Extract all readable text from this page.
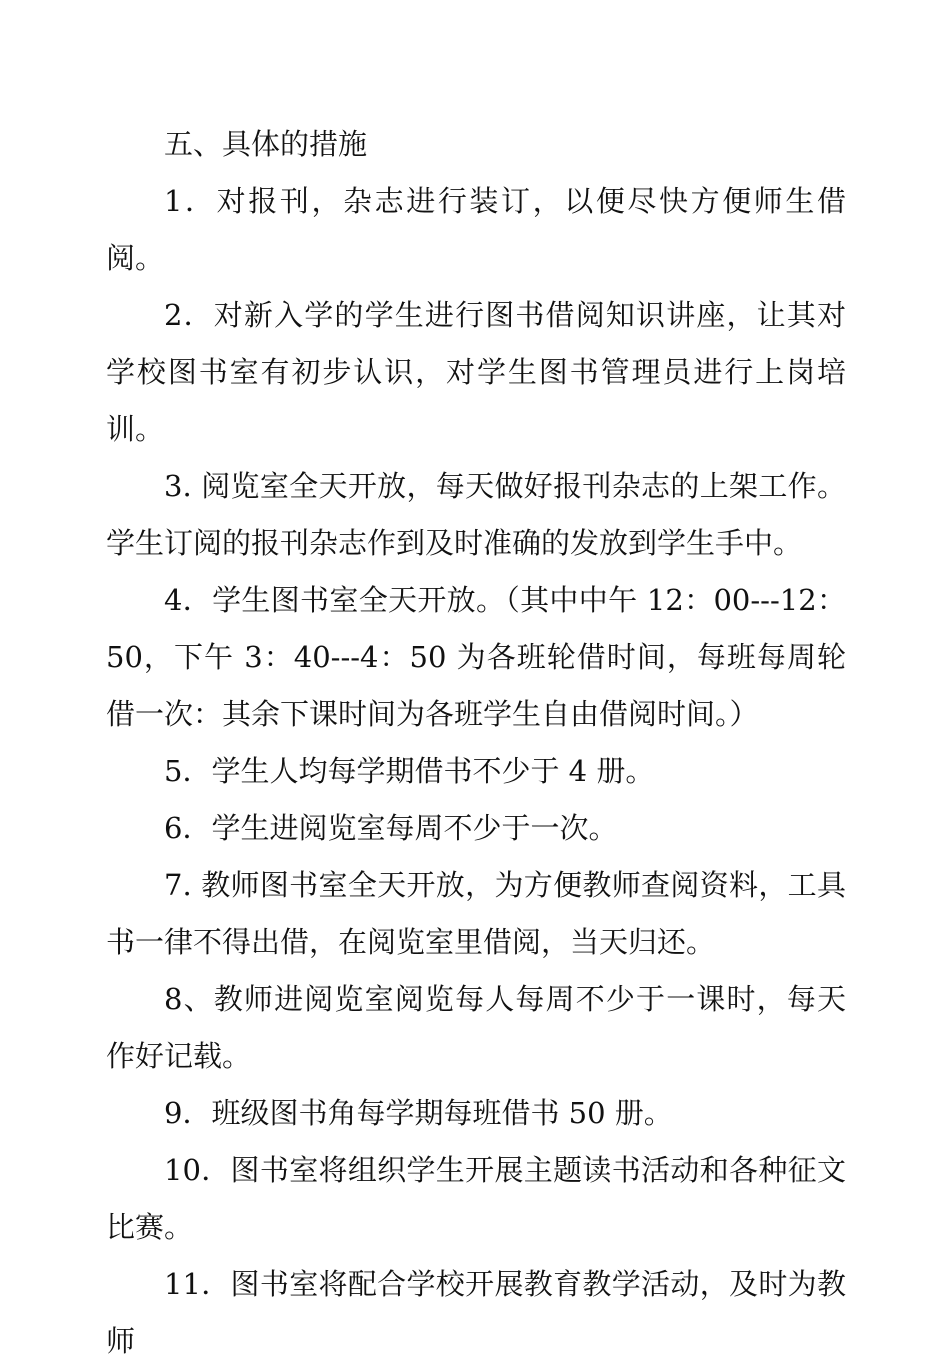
五、具体的措施

1．对报刊，杂志进行装订，以便尽快方便师生借阅。

2．对新入学的学生进行图书借阅知识讲座，让其对学校图书室有初步认识，对学生图书管理员进行上岗培训。

3. 阅览室全天开放，每天做好报刊杂志的上架工作。学生订阅的报刊杂志作到及时准确的发放到学生手中。

4．学生图书室全天开放。（其中中午 12：00---12：50，下午 3：40---4：50 为各班轮借时间，每班每周轮借一次：其余下课时间为各班学生自由借阅时间。）

5．学生人均每学期借书不少于 4 册。

6．学生进阅览室每周不少于一次。

7. 教师图书室全天开放，为方便教师查阅资料，工具书一律不得出借，在阅览室里借阅，当天归还。

8、教师进阅览室阅览每人每周不少于一课时，每天作好记载。

9．班级图书角每学期每班借书 50 册。

10．图书室将组织学生开展主题读书活动和各种征文比赛。

11．图书室将配合学校开展教育教学活动，及时为教师
